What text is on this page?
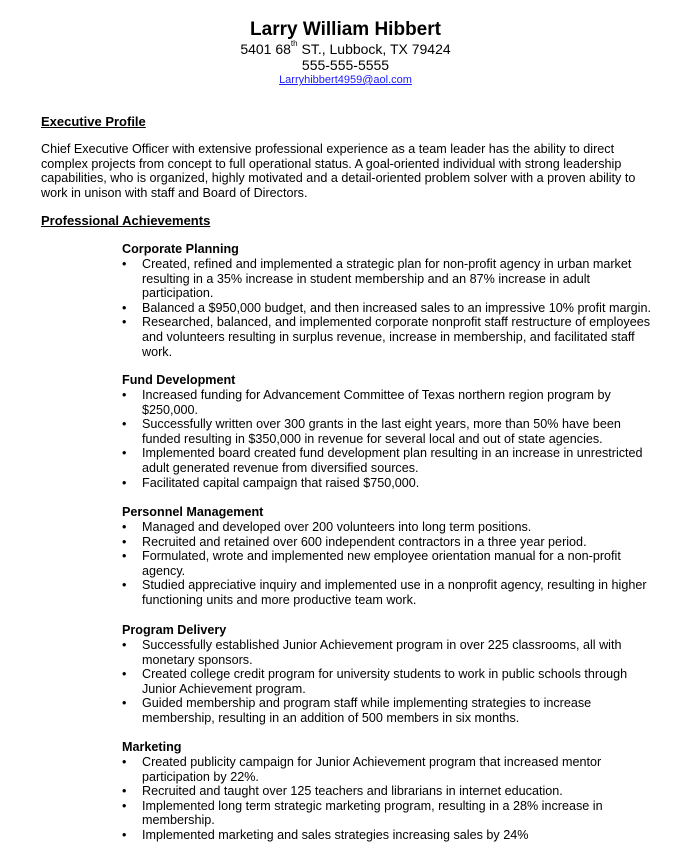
Larry William Hibbert
5401 68th ST., Lubbock, TX 79424
555-555-5555
Larryhibbert4959@aol.com
Executive Profile
Chief Executive Officer with extensive professional experience as a team leader has the ability to direct complex projects from concept to full operational status. A goal-oriented individual with strong leadership capabilities, who is organized, highly motivated and a detail-oriented problem solver with a proven ability to work in unison with staff and Board of Directors.
Professional Achievements
Corporate Planning
•	Created, refined and implemented a strategic plan for non-profit agency in urban market resulting in a 35% increase in student membership and an 87% increase in adult participation.
•	Balanced a $950,000 budget, and then increased sales to an impressive 10% profit margin.
•	Researched, balanced, and implemented corporate nonprofit staff restructure of employees and volunteers resulting in surplus revenue, increase in membership, and facilitated staff work.
Fund Development
•	Increased funding for Advancement Committee of Texas northern region program by $250,000.
•	Successfully written over 300 grants in the last eight years, more than 50% have been funded resulting in $350,000 in revenue for several local and out of state agencies.
•	Implemented board created fund development plan resulting in an increase in unrestricted adult generated revenue from diversified sources.
•	Facilitated capital campaign that raised $750,000.
Personnel Management
•	Managed and developed over 200 volunteers into long term positions.
•	Recruited and retained over 600 independent contractors in a three year period.
•	Formulated, wrote and implemented new employee orientation manual for a non-profit agency.
•	Studied appreciative inquiry and implemented use in a nonprofit agency, resulting in higher functioning units and more productive team work.
Program Delivery
•	Successfully established Junior Achievement program in over 225 classrooms, all with monetary sponsors.
•	Created college credit program for university students to work in public schools through Junior Achievement program.
•	Guided membership and program staff while implementing strategies to increase membership, resulting in an addition of 500 members in six months.
Marketing
•	Created publicity campaign for Junior Achievement program that increased mentor participation by 22%.
•	Recruited and taught over 125 teachers and librarians in internet education.
•	Implemented long term strategic marketing program, resulting in a 28% increase in membership.
•	Implemented marketing and sales strategies increasing sales by 24%
